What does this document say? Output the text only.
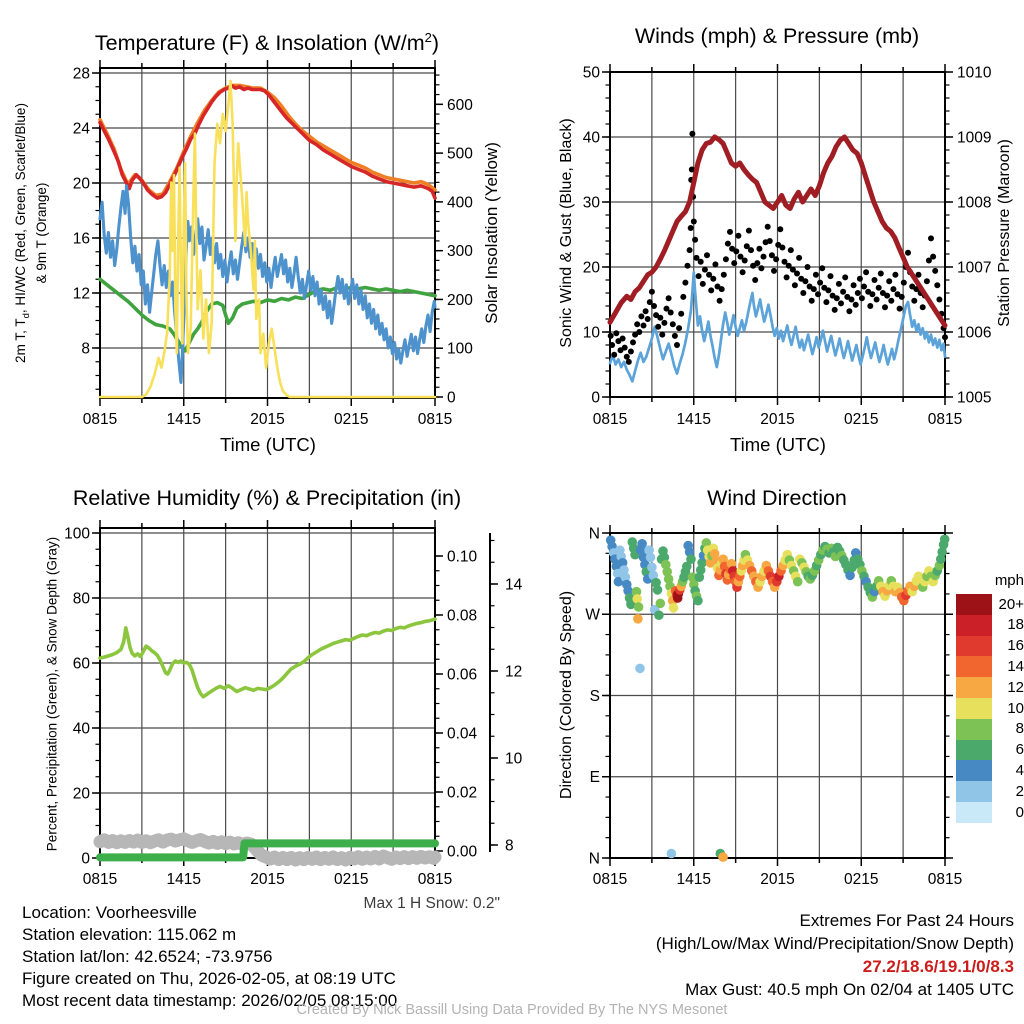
8
12
16
20
24
28
0
100
200
300
400
500
600
0815	1415	2015	0215	0815
0
10
20
30
40
50
1005
1006
1007
1008
1009
1010
0815	1415	2015	0215	0815
0
20
40
60
80
100
0.00
0.02
0.04
0.06
0.08
0.10
8
10
12
14
0815	1415	2015	0215	0815
N
W
S
E
N
0815	1415	2015	0215	0815
Temperature (F) & Insolation $(W/m^2)$	Winds (mph) & Pressure (mb)
Relative Humidity (%) & Precipitation (in)	Wind Direction
2m T, $T_d$, HI/WC (Red, Green, Scarlet/Blue) & 9m T (Orange)	Solar Insolation (Yellow)	Sonic Wind & Gust (Blue, Black)	Station Pressure (Maroon)
Percent, Precipitation (Green), & Snow Depth (Gray)	Direction (Colored By Speed)
Time (UTC)	Time (UTC)
Max 1 H Snow: 0.2"
mph
20+
18
16
14
12
10
8
6
4
2
0
Location: Voorheesville
Station elevation: 115.062 m
Station lat/lon: 42.6524; -73.9756
Figure created on Thu, 2026-02-05, at 08:19 UTC
Most recent data timestamp: 2026/02/05 08:15:00
Extremes For Past 24 Hours
(High/Low/Max Wind/Precipitation/Snow Depth)
27.2/18.6/19.1/0/8.3
Max Gust: 40.5 mph On 02/04 at 1405 UTC
Created By Nick Bassill Using Data Provided By The NYS Mesonet
